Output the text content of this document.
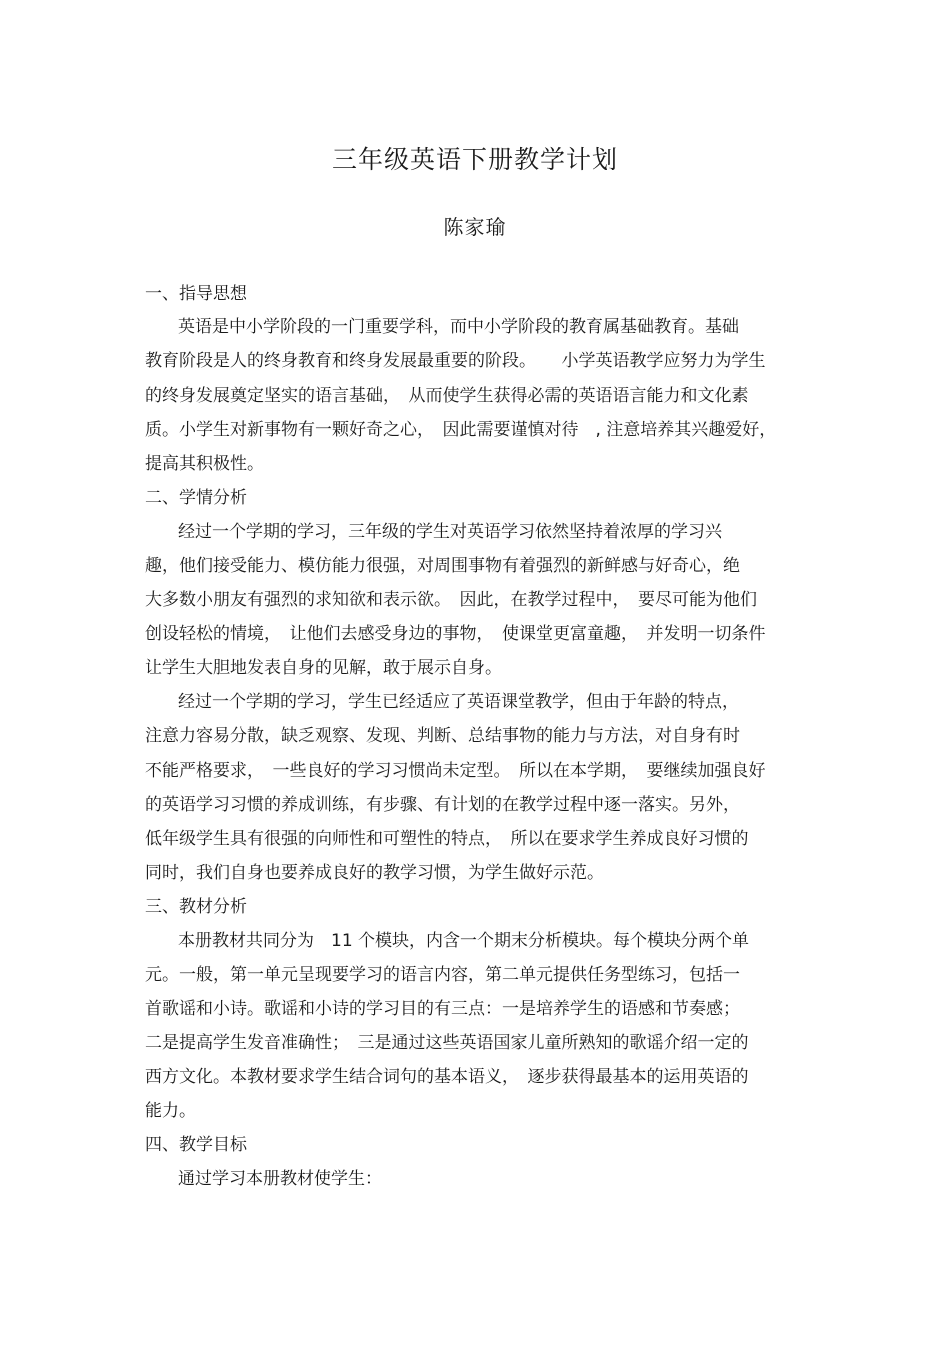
三年级英语下册教学计划
陈家瑜
一、指导思想
英语是中小学阶段的一门重要学科，而中小学阶段的教育属基础教育。基础
教育阶段是人的终身教育和终身发展最重要的阶段。　　小学英语教学应努力为学生
的终身发展奠定坚实的语言基础，　从而使学生获得必需的英语语言能力和文化素
质。小学生对新事物有一颗好奇之心，　因此需要谨慎对待　, 注意培养其兴趣爱好，
提高其积极性。
二、学情分析
经过一个学期的学习，三年级的学生对英语学习依然坚持着浓厚的学习兴
趣，他们接受能力、模仿能力很强，对周围事物有着强烈的新鲜感与好奇心，绝
大多数小朋友有强烈的求知欲和表示欲。　因此，在教学过程中，　要尽可能为他们
创设轻松的情境，　让他们去感受身边的事物，　使课堂更富童趣，　并发明一切条件
让学生大胆地发表自身的见解，敢于展示自身。
经过一个学期的学习，学生已经适应了英语课堂教学，但由于年龄的特点，
注意力容易分散，缺乏观察、发现、判断、总结事物的能力与方法，对自身有时
不能严格要求，　一些良好的学习习惯尚未定型。　所以在本学期，　要继续加强良好
的英语学习习惯的养成训练，有步骤、有计划的在教学过程中逐一落实。另外，
低年级学生具有很强的向师性和可塑性的特点，　所以在要求学生养成良好习惯的
同时，我们自身也要养成良好的教学习惯，为学生做好示范。
三、教材分析
本册教材共同分为　11 个模块，内含一个期末分析模块。每个模块分两个单
元。一般，第一单元呈现要学习的语言内容，第二单元提供任务型练习，包括一
首歌谣和小诗。歌谣和小诗的学习目的有三点：一是培养学生的语感和节奏感；
二是提高学生发音准确性；　三是通过这些英语国家儿童所熟知的歌谣介绍一定的
西方文化。本教材要求学生结合词句的基本语义，　逐步获得最基本的运用英语的
能力。
四、教学目标
通过学习本册教材使学生：
